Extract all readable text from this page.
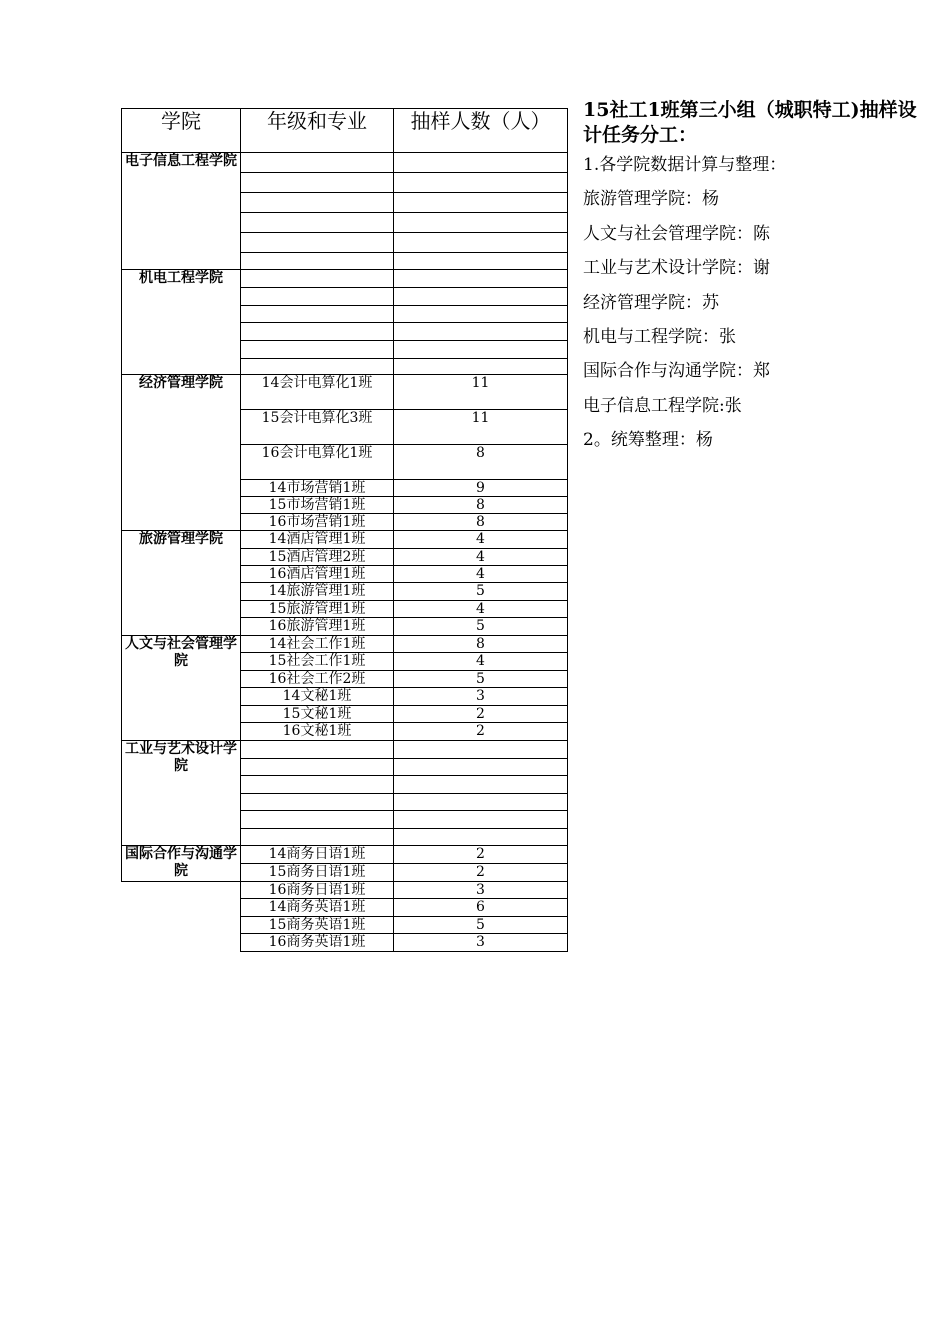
学院	年级和专业	抽样人数（人）
电子信息工程学院		

机电工程学院		

经济管理学院	14会计电算化1班	11
	15会计电算化3班	11
	16会计电算化1班	8
	14市场营销1班	9
	15市场营销1班	8
	16市场营销1班	8
旅游管理学院	14酒店管理1班	4
	15酒店管理2班	4
	16酒店管理1班	4
	14旅游管理1班	5
	15旅游管理1班	4
	16旅游管理1班	5
人文与社会管理学院	14社会工作1班	8
	15社会工作1班	4
	16社会工作2班	5
	14文秘1班	3
	15文秘1班	2
	16文秘1班	2
工业与艺术设计学院		

国际合作与沟通学院	14商务日语1班	2
	15商务日语1班	2
	16商务日语1班	3
	14商务英语1班	6
	15商务英语1班	5
	16商务英语1班	3

15社工1班第三小组（城职特工)抽样设计任务分工：

1.各学院数据计算与整理：

旅游管理学院：杨

人文与社会管理学院：陈

工业与艺术设计学院：谢

经济管理学院：苏

机电与工程学院：张

国际合作与沟通学院：郑

电子信息工程学院:张

2。统筹整理：杨
